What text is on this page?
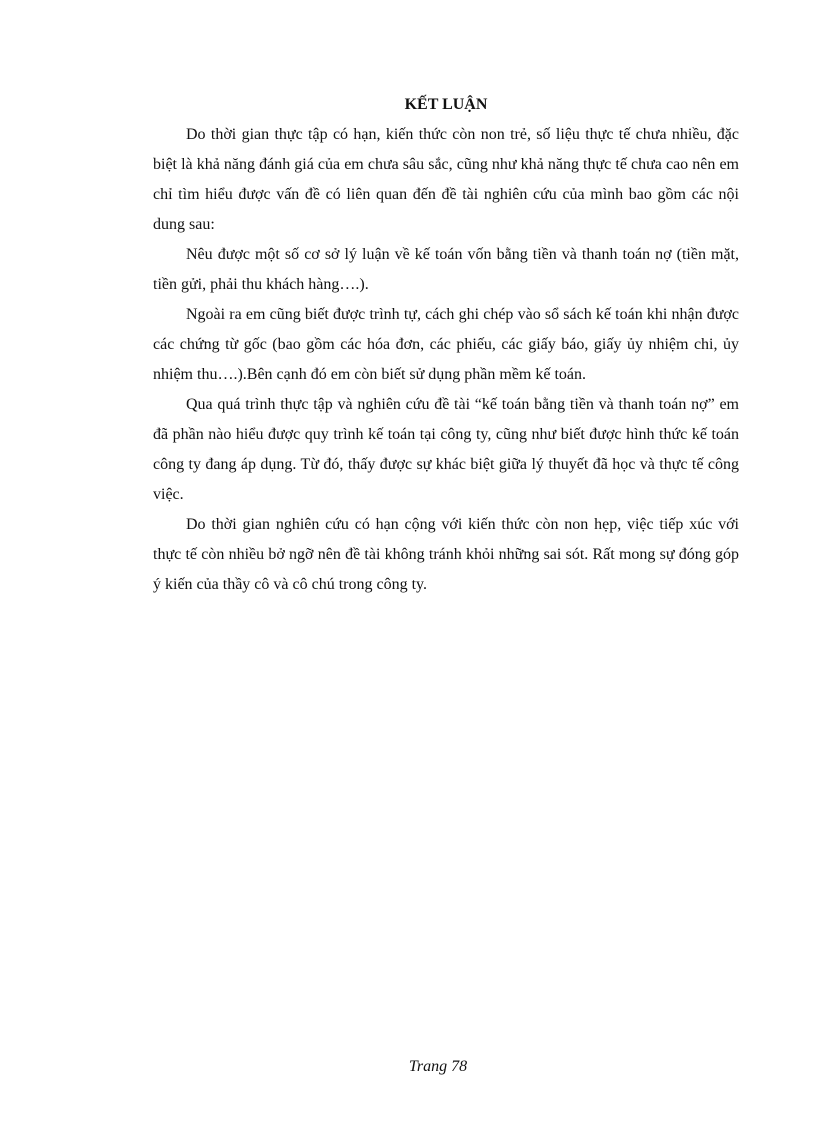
KẾT LUẬN

Do thời gian thực tập có hạn, kiến thức còn non trẻ, số liệu thực tế chưa nhiều, đặc biệt là khả năng đánh giá của em chưa sâu sắc, cũng như khả năng thực tế chưa cao nên em chỉ tìm hiểu được vấn đề có liên quan đến đề tài nghiên cứu của mình bao gồm các nội dung sau:

Nêu được một số cơ sở lý luận về kế toán vốn bằng tiền và thanh toán nợ (tiền mặt, tiền gửi, phải thu khách hàng….).

Ngoài ra em cũng biết được trình tự, cách ghi chép vào sổ sách kế toán khi nhận được các chứng từ gốc (bao gồm các hóa đơn, các phiếu, các giấy báo, giấy ủy nhiệm chi, ủy nhiệm thu….).Bên cạnh đó em còn biết sử dụng phần mềm kế toán.

Qua quá trình thực tập và nghiên cứu đề tài “kế toán bằng tiền và thanh toán nợ” em đã phần nào hiểu được quy trình kế toán tại công ty, cũng như biết được hình thức kế toán công ty đang áp dụng. Từ đó, thấy được sự khác biệt giữa lý thuyết đã học và thực tế công việc.

Do thời gian nghiên cứu có hạn cộng với kiến thức còn non hẹp, việc tiếp xúc với thực tế còn nhiều bở ngỡ nên đề tài không tránh khỏi những sai sót. Rất mong sự đóng góp ý kiến của thầy cô và cô chú trong công ty.

Trang 78
